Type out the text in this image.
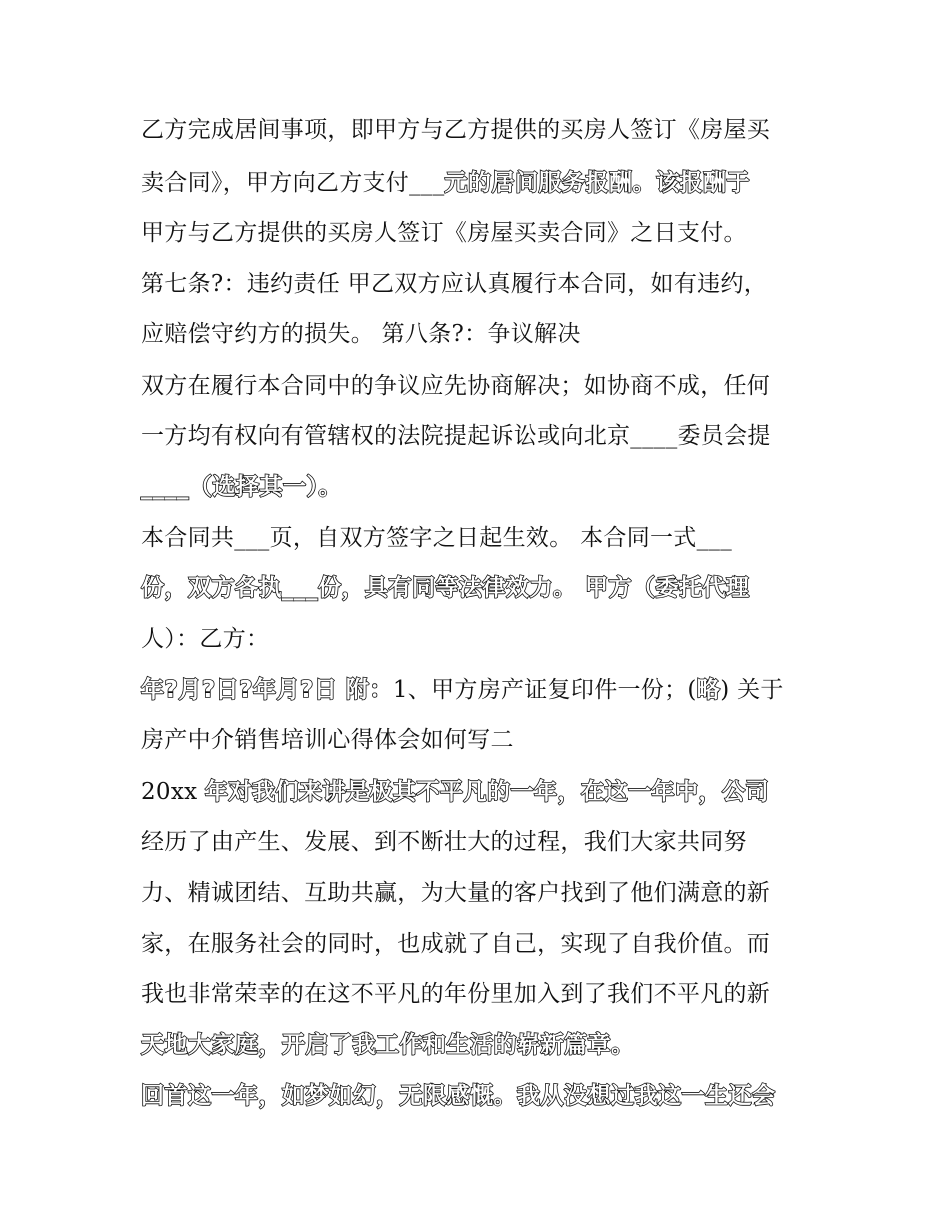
乙方完成居间事项，即甲方与乙方提供的买房人签订《房屋买
卖合同》，甲方向乙方支付___元的居间服务报酬。该报酬于
甲方与乙方提供的买房人签订《房屋买卖合同》之日支付。
第七条?：违约责任 甲乙双方应认真履行本合同，如有违约，
应赔偿守约方的损失。 第八条?：争议解决
双方在履行本合同中的争议应先协商解决；如协商不成，任何
一方均有权向有管辖权的法院提起诉讼或向北京____委员会提
____（选择其一）。
本合同共___页，自双方签字之日起生效。 本合同一式___
份，双方各执___份，具有同等法律效力。 甲方（委托代理
人）：乙方：
年?月?日?年月?日 附：1、甲方房产证复印件一份；(略) 关于
房产中介销售培训心得体会如何写二
20xx 年对我们来讲是极其不平凡的一年，在这一年中，公司
经历了由产生、发展、到不断壮大的过程，我们大家共同努
力、精诚团结、互助共赢，为大量的客户找到了他们满意的新
家，在服务社会的同时，也成就了自己，实现了自我价值。而
我也非常荣幸的在这不平凡的年份里加入到了我们不平凡的新
天地大家庭，开启了我工作和生活的崭新篇章。
回首这一年，如梦如幻，无限感慨。我从没想过我这一生还会
